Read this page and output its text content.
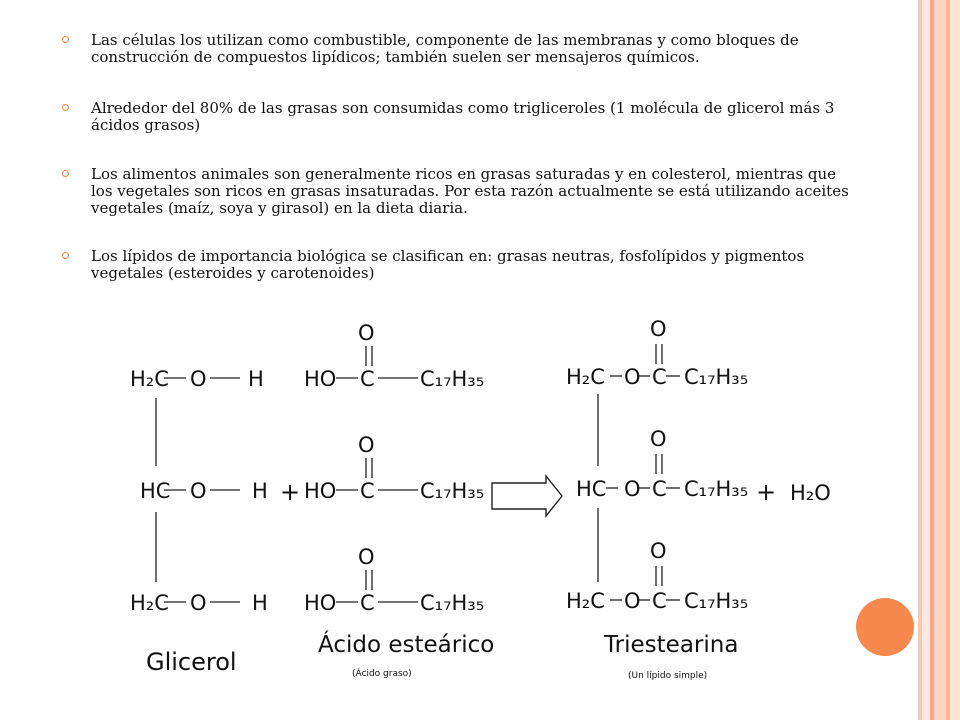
Las células los utilizan como combustible, componente de las membranas y como bloques de construcción de compuestos lipídicos; también suelen ser mensajeros químicos.
Alrededor del 80% de las grasas son consumidas como trigliceroles (1 molécula de glicerol más 3 ácidos grasos)
Los alimentos animales son generalmente ricos en grasas saturadas y en colesterol, mientras que los vegetales son ricos en grasas insaturadas. Por esta razón actualmente se está utilizando aceites vegetales (maíz, soya y girasol) en la dieta diaria.
Los lípidos de importancia biológica se clasifican en: grasas neutras, fosfolípidos y pigmentos vegetales (esteroides y carotenoides)
H₂C O H
HC O H
H₂C O H
Glicerol
O
HO C C₁₇H₃₅
O
HO C C₁₇H₃₅
O
HO C C₁₇H₃₅
Ácido esteárico
(Ácido graso)
+
H₂C O C
O
C₁₇H₃₅
HC O C
O
C₁₇H₃₅
H₂C O C
O
C₁₇H₃₅
Triestearina
(Un lípido simple)
+ H₂O
